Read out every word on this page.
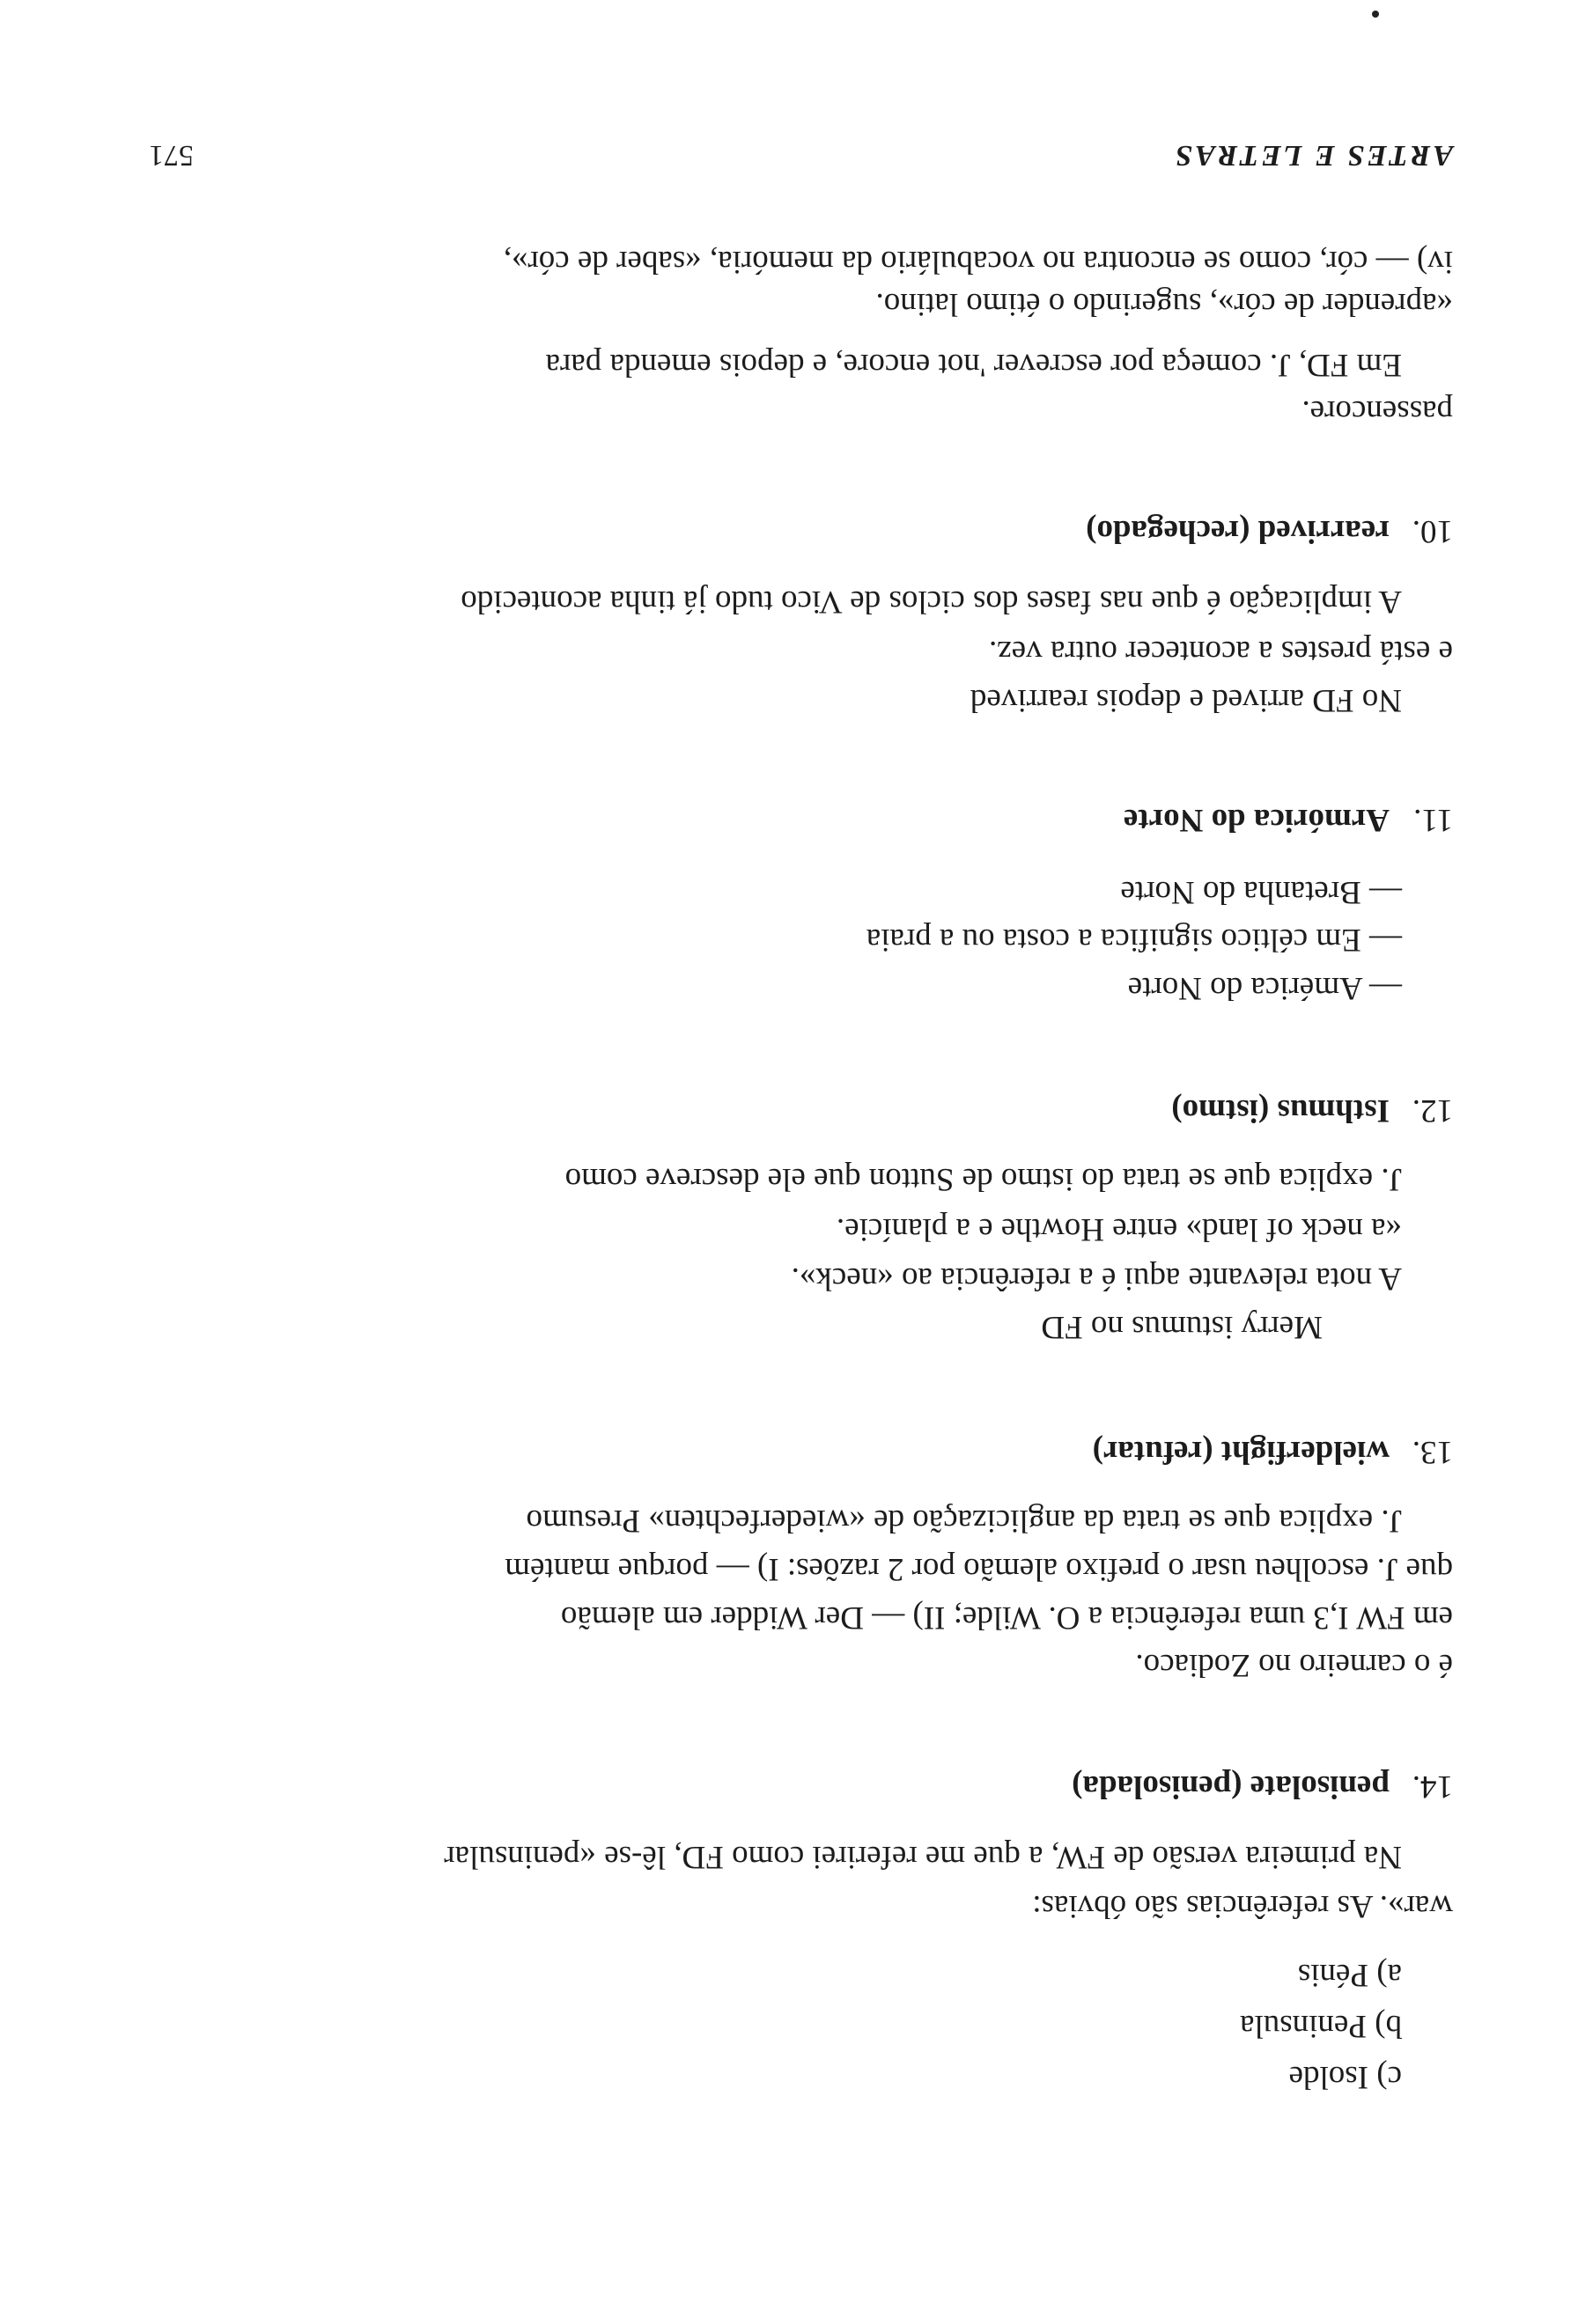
ARTES E LETRAS
571
iv) — cór, como se encontra no vocabulário da memória, «saber de cór»,
«aprender de cór», sugerindo o étimo latino.
Em FD, J. começa por escrever 'not encore, e depois emenda para
passencore.
10.rearrived (rechegado)
A implicação é que nas fases dos ciclos de Vico tudo já tinha acontecido
e está prestes a acontecer outra vez.
No FD arrived e depois rearrived
11.Armórica do Norte
— Bretanha do Norte
— Em céltico significa a costa ou a praia
— América do Norte
12.Isthmus (istmo)
J. explica que se trata do istmo de Sutton que ele descreve como
«a neck of land» entre Howthe e a planície.
A nota relevante aqui é a referência ao «neck».
Merry istumus no FD
13.wielderfight (refutar)
J. explica que se trata da anglicização de «wiederfechten» Presumo
que J. escolheu usar o prefixo alemão por 2 razões: I) — porque mantém
em FW I,3 uma referência a O. Wilde; II) — Der Widder em alemão
é o carneiro no Zodiaco.
14.penisolate (penisolada)
Na primeira versão de FW, a que me referirei como FD, lê-se «peninsular
war». As referências são óbvias:
a) Pénis
b) Peninsula
c) Isolde
